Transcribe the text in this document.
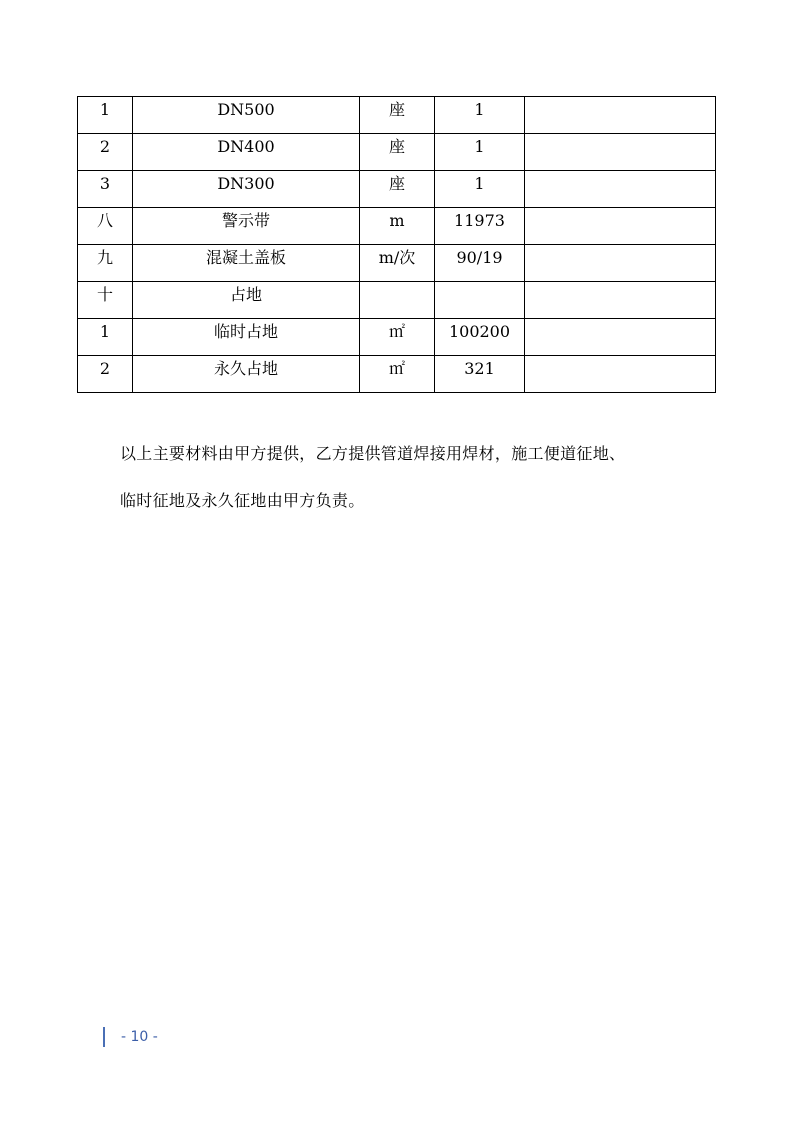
1	DN500	座	1	
2	DN400	座	1	
3	DN300	座	1	
八	警示带	m	11973	
九	混凝土盖板	m/次	90/19	
十	占地			
1	临时占地	㎡	100200	
2	永久占地	㎡	321	
以上主要材料由甲方提供，乙方提供管道焊接用焊材，施工便道征地、
临时征地及永久征地由甲方负责。
- 10 -
